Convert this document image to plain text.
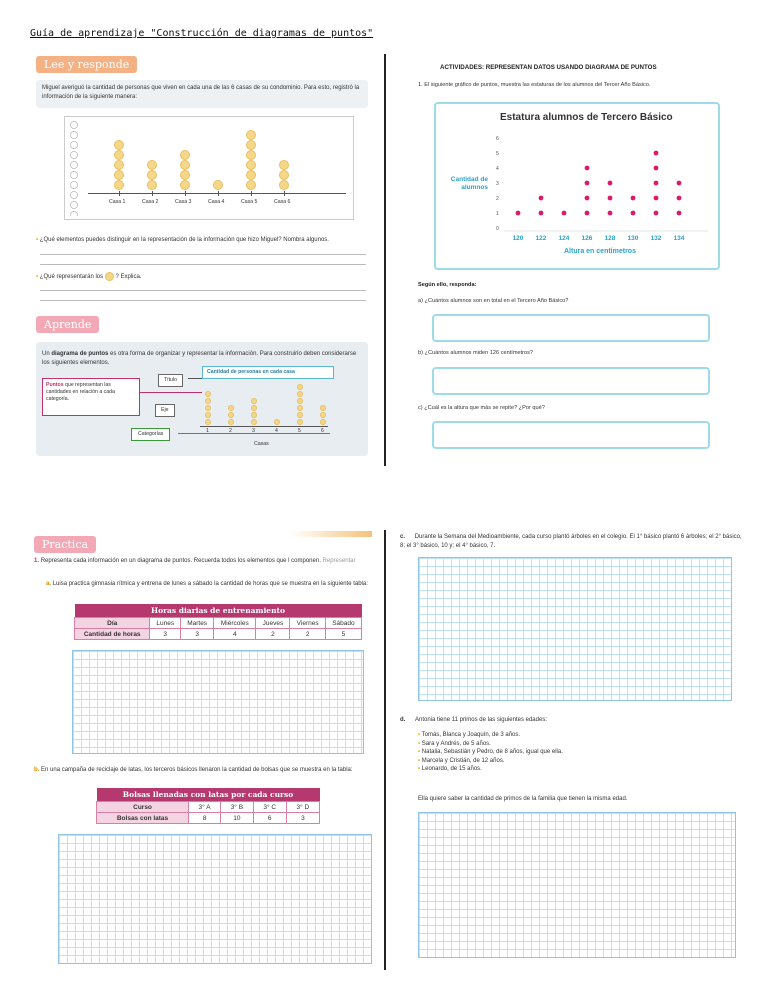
Guía de aprendizaje "Construcción de diagramas de puntos"
Lee y responde
Miguel averiguó la cantidad de personas que viven en cada una de las 6 casas de su condominio. Para esto, registró la información de la siguiente manera:
Casa 1	Casa 2	Casa 3	Casa 4	Casa 5	Casa 6
• ¿Qué elementos puedes distinguir en la representación de la información que hizo Miguel? Nombra algunos.
• ¿Qué representarán los ? Explica.
Aprende
Un diagrama de puntos es otra forma de organizar y representar la información. Para construirlo deben considerarse los siguientes elementos.
Puntos que representan las cantidades en relación a cada categoría.
Título
Eje
Categorías
Cantidad de personas en cada casa
1	2	3	4	5	6
Casas
ACTIVIDADES: REPRESENTAN DATOS USANDO DIAGRAMA DE PUNTOS
1. El siguiente gráfico de puntos, muestra las estaturas de los alumnos del Tercer Año Básico.
Estatura alumnos de Tercero Básico
Cantidad de alumnos
Altura en centímetros
6
5
4
3
2
1
0
120 122 124 126 128 130 132 134
Según ello, responda:
a) ¿Cuántos alumnos son en total en el Tercero Año Básico?
b) ¿Cuántos alumnos miden 126 centímetros?
c) ¿Cuál es la altura que más se repite? ¿Por qué?
Practica
1. Representa cada información en un diagrama de puntos. Recuerda todos los elementos que l componen. Representar
a. Luisa practica gimnasia rítmica y entrena de lunes a sábado la cantidad de horas que se muestra en la siguiente tabla:
Horas diarias de entrenamiento						
Día	Lunes	Martes	Miércoles	Jueves	Viernes	Sábado
Cantidad de horas	3	3	4	2	2	5
b. En una campaña de reciclaje de latas, los terceros básicos llenaron la cantidad de bolsas que se muestra en la tabla:
Bolsas llenadas con latas por cada curso				
Curso	3° A	3° B	3° C	3° D
Bolsas con latas	8	10	6	3
c. Durante la Semana del Medioambiente, cada curso plantó árboles en el colegio. El 1° básico plantó 6 árboles; el 2° básico, 8; el 3° básico, 10 y; el 4° básico, 7.
d. Antonia tiene 11 primos de las siguientes edades:
• Tomás, Blanca y Joaquín, de 3 años.
• Sara y Andrés, de 5 años.
• Natalia, Sebastián y Pedro, de 8 años, igual que ella.
• Marcela y Cristián, de 12 años.
• Leonardo, de 15 años.
Ella quiere saber la cantidad de primos de la familia que tienen la misma edad.
